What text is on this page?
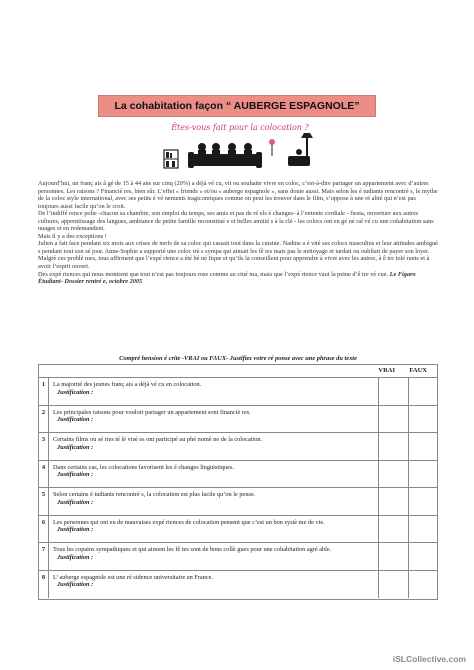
La cohabitation façon “ AUBERGE ESPAGNOLE”
Êtes-vous fait pour la colocation ?

Aujourd’hui, un franç ais â gé de 15 à 44 ans sur cinq (20%) a déjà vé cu, vit ou souhaite vivre en coloc, c’est-à-dire partager un appartement avec d’autres personnes. Les raisons ? Financiè res, bien sûr. L’effet « friends » et/ou « auberge espagnole », sans doute aussi. Mais selon les é tudiants rencontré s, le mythe de la coloc style international, avec ses petits é vé nements tragicomiques comme on peut les trouver dans le film, s’oppose à une ré alité qui n’est pas toujours aussi facile qu’on le croit.

De l’indiffé rence polie -chacun sa chambre, son emploi du temps, ses amis et pas de ré els é changes- à l’entente cordiale - fiesta, ouverture aux autres cultures, apprentissage des langues, ambiance de petite famille reconstitué e et belles amitié s à la clé - les colocs ont en gé né ral vé cu une cohabitation sans nuages et en redemandent.

Mais il y a des exceptions !

Julien a fait face pendant six mois aux crises de nerfs de sa coloc qui cassait tout dans la cuisine. Nadine a é vité ses colocs masculins et leur attitudes ambigué s pendant tout son sé jour. Anne-Sophie a supporté une coloc trè s sympa qui aimait les fê tes mais pas le nettoyage et tardait ou oubliait de payer son loyer. Malgré ces problè mes, tous affirment que l’expé rience a été bé né fique et qu’ils la conseillent pour apprendre à vivre avec les autres, à ê tre tolé rants et à avoir l’esprit ouvert.

Des expé riences qui nous montrent que tout n’est pas toujours rose comme au ciné ma, mais que l’expé rience vaut la peine d’ê tre vé cue. Le Figaro Étudiant- Dossier rentré e, octobre 2005

Compré hension é crite -VRAI ou FAUX- Justifiez votre ré ponse avec une phrase du texte
VRAI FAUX
1	La majorité des jeunes franç ais a déjà vé cu en colocation.
Justification :
2	Les principales raisons pour vouloir partager un appartement sont financiè res.
Justification :
3	Certains films ou sé ries té lé visé es ont participé au phé nomè ne de la colocation.
Justification :
4	Dans certains cas, les colocations favorisent les é changes linguistiques.
Justification :
5	Selon certains é tudiants rencontré s, la colocation est plus facile qu’on le pense.
Justification :
6	Les personnes qui ont eu de mauvaises expé riences de colocation pensent que c’est un bon systè me de vie.
Justification :
7	Tous les copains sympathiques et qui aiment les fê tes sont de bons collè gues pour une cohabitation agré able.
Justification :
8	L’ auberge espagnole est une ré sidence universitaire en France.
Justification :
iSLCollective.com
